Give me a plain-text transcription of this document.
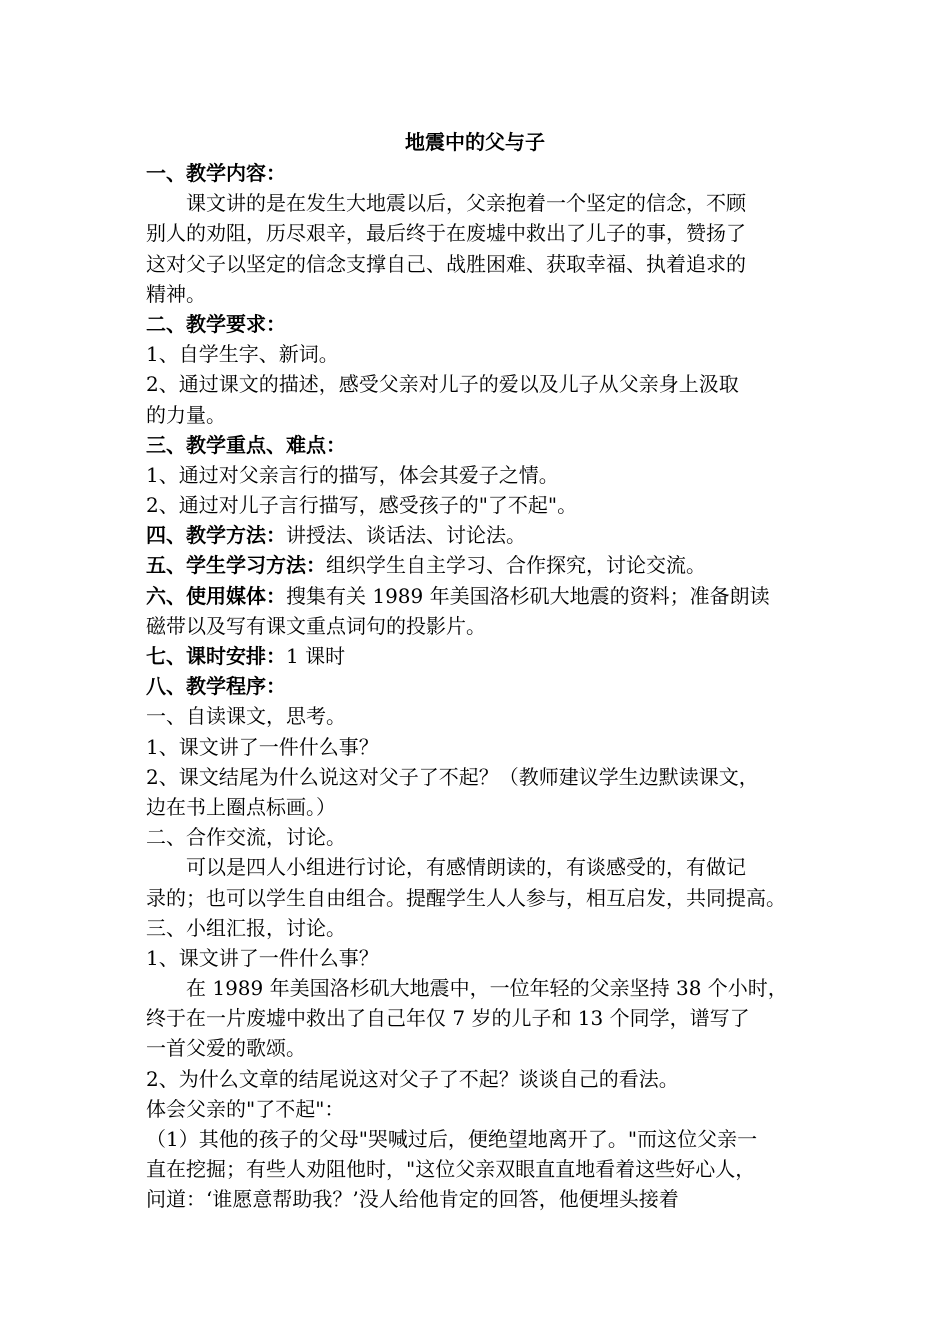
地震中的父与子
一、教学内容：
课文讲的是在发生大地震以后，父亲抱着一个坚定的信念，不顾
别人的劝阻，历尽艰辛，最后终于在废墟中救出了儿子的事，赞扬了
这对父子以坚定的信念支撑自己、战胜困难、获取幸福、执着追求的
精神。
二、教学要求：
1、自学生字、新词。
2、通过课文的描述，感受父亲对儿子的爱以及儿子从父亲身上汲取
的力量。
三、教学重点、难点：
1、通过对父亲言行的描写，体会其爱子之情。
2、通过对儿子言行描写，感受孩子的"了不起"。
四、教学方法：讲授法、谈话法、讨论法。
五、学生学习方法：组织学生自主学习、合作探究，讨论交流。
六、使用媒体：搜集有关 1989 年美国洛杉矶大地震的资料；准备朗读
磁带以及写有课文重点词句的投影片。
七、课时安排：1 课时
八、教学程序：
一、自读课文，思考。
1、课文讲了一件什么事？
2、课文结尾为什么说这对父子了不起？（教师建议学生边默读课文，
边在书上圈点标画。）
二、合作交流，讨论。
可以是四人小组进行讨论，有感情朗读的，有谈感受的，有做记
录的；也可以学生自由组合。提醒学生人人参与，相互启发，共同提高。
三、小组汇报，讨论。
1、课文讲了一件什么事？
在 1989 年美国洛杉矶大地震中，一位年轻的父亲坚持 38 个小时，
终于在一片废墟中救出了自己年仅 7 岁的儿子和 13 个同学，谱写了
一首父爱的歌颂。
2、为什么文章的结尾说这对父子了不起？谈谈自己的看法。
体会父亲的"了不起"：
（1）其他的孩子的父母"哭喊过后，便绝望地离开了。"而这位父亲一
直在挖掘；有些人劝阻他时，"这位父亲双眼直直地看着这些好心人，
问道：‘谁愿意帮助我？’没人给他肯定的回答，他便埋头接着
